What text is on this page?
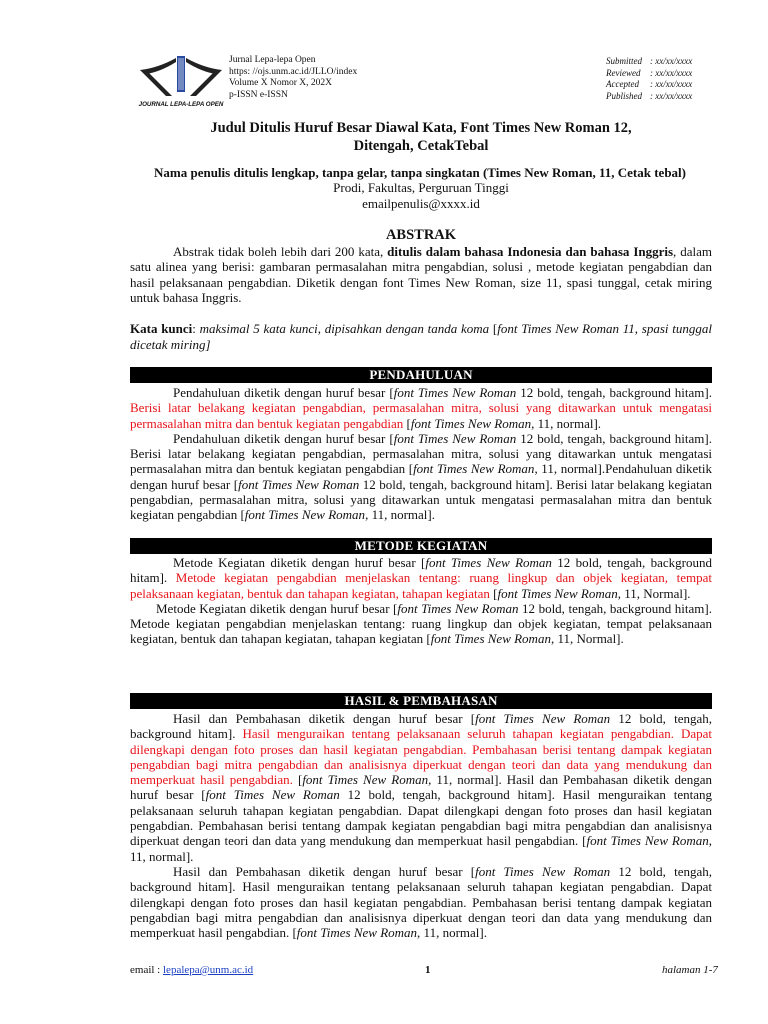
JOURNAL LEPA-LEPA OPEN
Jurnal Lepa-lepa Open
https: //ojs.unm.ac.id/JLLO/index
Volume X Nomor X, 202X
p-ISSN e-ISSN
Submitted : xx/xx/xxxx
Reviewed : xx/xx/xxxx
Accepted : xx/xx/xxxx
Published : xx/xx/xxxx
Judul Ditulis Huruf Besar Diawal Kata, Font Times New Roman 12,
Ditengah, CetakTebal
Nama penulis ditulis lengkap, tanpa gelar, tanpa singkatan (Times New Roman, 11, Cetak tebal)
Prodi, Fakultas, Perguruan Tinggi
emailpenulis@xxxx.id
ABSTRAK

Abstrak tidak boleh lebih dari 200 kata, ditulis dalam bahasa Indonesia dan bahasa Inggris, dalam satu alinea yang berisi: gambaran permasalahan mitra pengabdian, solusi , metode kegiatan pengabdian dan hasil pelaksanaan pengabdian. Diketik dengan font Times New Roman, size 11, spasi tunggal, cetak miring untuk bahasa Inggris.

Kata kunci: maksimal 5 kata kunci, dipisahkan dengan tanda koma [font Times New Roman 11, spasi tunggal dicetak miring]
PENDAHULUAN

Pendahuluan diketik dengan huruf besar [font Times New Roman 12 bold, tengah, background hitam]. Berisi latar belakang kegiatan pengabdian, permasalahan mitra, solusi yang ditawarkan untuk mengatasi permasalahan mitra dan bentuk kegiatan pengabdian [font Times New Roman, 11, normal].

Pendahuluan diketik dengan huruf besar [font Times New Roman 12 bold, tengah, background hitam]. Berisi latar belakang kegiatan pengabdian, permasalahan mitra, solusi yang ditawarkan untuk mengatasi permasalahan mitra dan bentuk kegiatan pengabdian [font Times New Roman, 11, normal].Pendahuluan diketik dengan huruf besar [font Times New Roman 12 bold, tengah, background hitam]. Berisi latar belakang kegiatan pengabdian, permasalahan mitra, solusi yang ditawarkan untuk mengatasi permasalahan mitra dan bentuk kegiatan pengabdian [font Times New Roman, 11, normal].

METODE KEGIATAN

Metode Kegiatan diketik dengan huruf besar [font Times New Roman 12 bold, tengah, background hitam]. Metode kegiatan pengabdian menjelaskan tentang: ruang lingkup dan objek kegiatan, tempat pelaksanaan kegiatan, bentuk dan tahapan kegiatan, tahapan kegiatan [font Times New Roman, 11, Normal].

Metode Kegiatan diketik dengan huruf besar [font Times New Roman 12 bold, tengah, background hitam]. Metode kegiatan pengabdian menjelaskan tentang: ruang lingkup dan objek kegiatan, tempat pelaksanaan kegiatan, bentuk dan tahapan kegiatan, tahapan kegiatan [font Times New Roman, 11, Normal].

HASIL & PEMBAHASAN

Hasil dan Pembahasan diketik dengan huruf besar [font Times New Roman 12 bold, tengah, background hitam]. Hasil menguraikan tentang pelaksanaan seluruh tahapan kegiatan pengabdian. Dapat dilengkapi dengan foto proses dan hasil kegiatan pengabdian. Pembahasan berisi tentang dampak kegiatan pengabdian bagi mitra pengabdian dan analisisnya diperkuat dengan teori dan data yang mendukung dan memperkuat hasil pengabdian. [font Times New Roman, 11, normal]. Hasil dan Pembahasan diketik dengan huruf besar [font Times New Roman 12 bold, tengah, background hitam]. Hasil menguraikan tentang pelaksanaan seluruh tahapan kegiatan pengabdian. Dapat dilengkapi dengan foto proses dan hasil kegiatan pengabdian. Pembahasan berisi tentang dampak kegiatan pengabdian bagi mitra pengabdian dan analisisnya diperkuat dengan teori dan data yang mendukung dan memperkuat hasil pengabdian. [font Times New Roman, 11, normal].

Hasil dan Pembahasan diketik dengan huruf besar [font Times New Roman 12 bold, tengah, background hitam]. Hasil menguraikan tentang pelaksanaan seluruh tahapan kegiatan pengabdian. Dapat dilengkapi dengan foto proses dan hasil kegiatan pengabdian. Pembahasan berisi tentang dampak kegiatan pengabdian bagi mitra pengabdian dan analisisnya diperkuat dengan teori dan data yang mendukung dan memperkuat hasil pengabdian. [font Times New Roman, 11, normal].

email : lepalepa@unm.ac.id	1	halaman 1-7
